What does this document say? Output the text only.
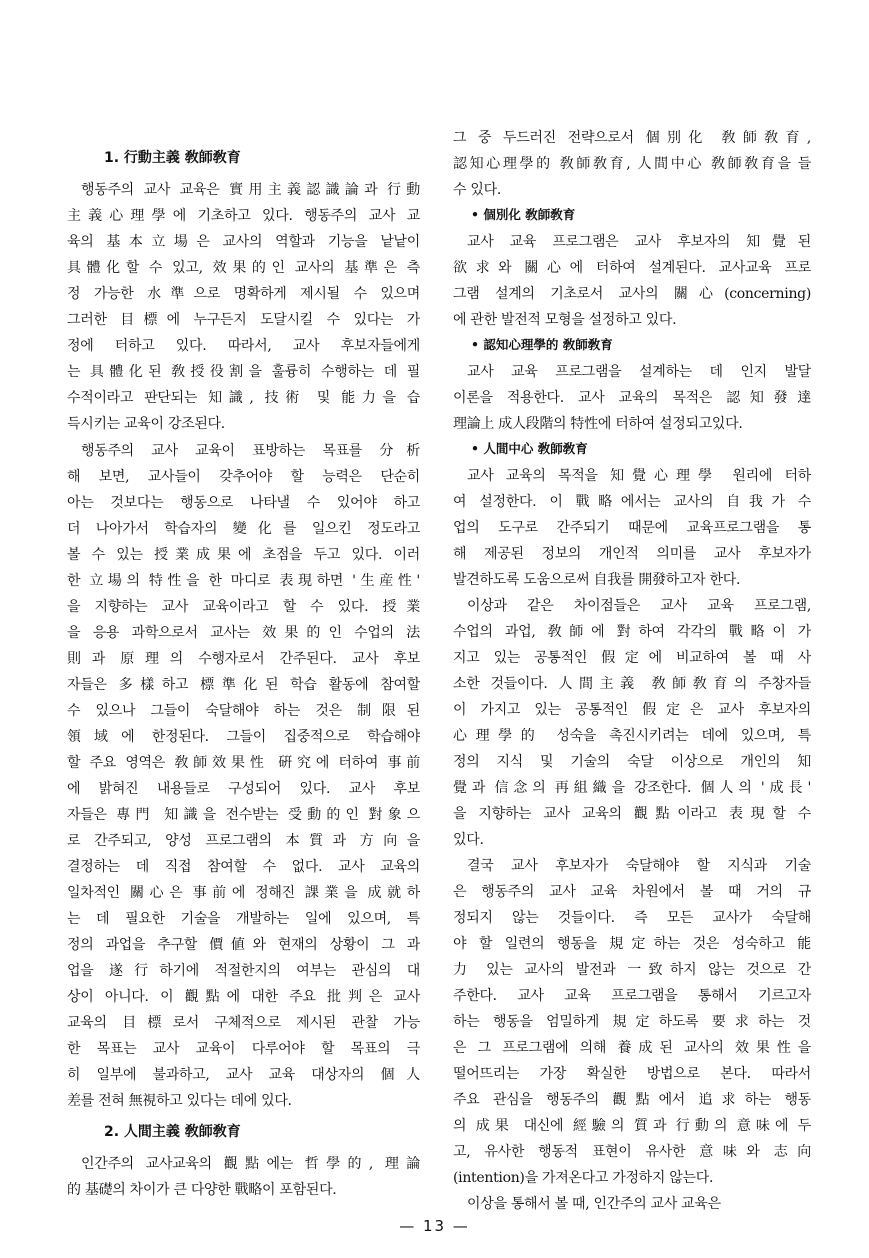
1. 行動主義 敎師敎育
행동주의 교사 교육은 實用主義認識論과 行動
主義心理學에 기초하고 있다. 행동주의 교사 교
육의 基本立場은 교사의 역할과 기능을 낱낱이
具體化할 수 있고, 效果的인 교사의 基準은 측
정 가능한 水準으로 명확하게 제시될 수 있으며
그러한 目標에 누구든지 도달시킬 수 있다는 가
정에 터하고 있다. 따라서, 교사 후보자들에게
는 具體化된 敎授役割을 훌륭히 수행하는 데 필
수적이라고 판단되는 知識, 技術 및 能力을 습
득시키는 교육이 강조된다.
행동주의 교사 교육이 표방하는 목표를 分析
해 보면, 교사들이 갖추어야 할 능력은 단순히
아는 것보다는 행동으로 나타낼 수 있어야 하고
더 나아가서 학습자의 變化를 일으킨 정도라고
볼 수 있는 授業成果에 초점을 두고 있다. 이러
한 立場의 特性을 한 마디로 表現하면 '生産性'
을 지향하는 교사 교육이라고 할 수 있다. 授業
을 응용 과학으로서 교사는 效果的인 수업의 法
則과 原理의 수행자로서 간주된다. 교사 후보
자들은 多樣하고 標準化된 학습 활동에 참여할
수 있으나 그들이 숙달해야 하는 것은 制限된
領域에 한정된다. 그들이 집중적으로 학습해야
할 주요 영역은 敎師效果性 硏究에 터하여 事前
에 밝혀진 내용들로 구성되어 있다. 교사 후보
자들은 專門 知識을 전수받는 受動的인 對象으
로 간주되고, 양성 프로그램의 本質과 方向을
결정하는 데 직접 참여할 수 없다. 교사 교육의
일차적인 關心은 事前에 정해진 課業을 成就하
는 데 필요한 기술을 개발하는 일에 있으며, 특
정의 과업을 추구할 價値와 현재의 상황이 그 과
업을 遂行하기에 적절한지의 여부는 관심의 대
상이 아니다. 이 觀點에 대한 주요 批判은 교사
교육의 目標로서 구체적으로 제시된 관찰 가능
한 목표는 교사 교육이 다루어야 할 목표의 극
히 일부에 불과하고, 교사 교육 대상자의 個人
差를 전혀 無視하고 있다는 데에 있다.
2. 人間主義 敎師敎育
인간주의 교사교육의 觀點에는 哲學的, 理論
的 基礎의 차이가 큰 다양한 戰略이 포함된다.
그 중 두드러진 전략으로서 個別化 敎師敎育,
認知心理學的 敎師敎育, 人間中心 敎師敎育을 들
수 있다.
• 個別化 敎師敎育
교사 교육 프로그램은 교사 후보자의 知覺된
欲求와 關心에 터하여 설계된다. 교사교육 프로
그램 설계의 기초로서 교사의 關心(concerning)
에 관한 발전적 모형을 설정하고 있다.
• 認知心理學的 敎師敎育
교사 교육 프로그램을 설계하는 데 인지 발달
이론을 적용한다. 교사 교육의 목적은 認知發達
理論上 成人段階의 特性에 터하여 설정되고있다.
• 人間中心 敎師敎育
교사 교육의 목적을 知覺心理學 원리에 터하
여 설정한다. 이 戰略에서는 교사의 自我가 수
업의 도구로 간주되기 때문에 교육프로그램을 통
해 제공된 정보의 개인적 의미를 교사 후보자가
발견하도록 도움으로써 自我를 開發하고자 한다.
이상과 같은 차이점들은 교사 교육 프로그램,
수업의 과업, 敎師에 對하여 각각의 戰略이 가
지고 있는 공통적인 假定에 비교하여 볼 때 사
소한 것들이다. 人間主義 敎師敎育의 주창자들
이 가지고 있는 공통적인 假定은 교사 후보자의
心理學的 성숙을 촉진시키려는 데에 있으며, 특
정의 지식 및 기술의 숙달 이상으로 개인의 知
覺과 信念의 再組織을 강조한다. 個人의 '成長'
을 지향하는 교사 교육의 觀點이라고 表現할 수
있다.
결국 교사 후보자가 숙달해야 할 지식과 기술
은 행동주의 교사 교육 차원에서 볼 때 거의 규
정되지 않는 것들이다. 즉 모든 교사가 숙달해
야 할 일련의 행동을 規定하는 것은 성숙하고 能
力 있는 교사의 발전과 一致하지 않는 것으로 간
주한다. 교사 교육 프로그램을 통해서 기르고자
하는 행동을 엄밀하게 規定하도록 要求하는 것
은 그 프로그램에 의해 養成된 교사의 效果性을
떨어뜨리는 가장 확실한 방법으로 본다. 따라서
주요 관심을 행동주의 觀點에서 追求하는 행동
의 成果 대신에 經驗의 質과 行動의 意味에 두
고, 유사한 행동적 표현이 유사한 意味와 志向
(intention)을 가져온다고 가정하지 않는다.
이상을 통해서 볼 때, 인간주의 교사 교육은
— 13 —
